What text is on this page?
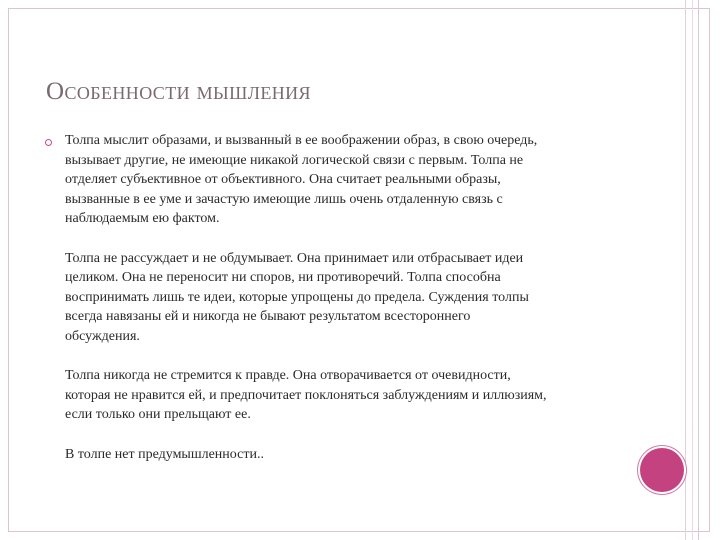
Особенности мышления

Толпа мыслит образами, и вызванный в ее воображении образ, в свою очередь,
вызывает другие, не имеющие никакой логической связи с первым. Толпа не
отделяет субъективное от объективного. Она считает реальными образы,
вызванные в ее уме и зачастую имеющие лишь очень отдаленную связь с
наблюдаемым ею фактом.

Толпа не рассуждает и не обдумывает. Она принимает или отбрасывает идеи
целиком. Она не переносит ни споров, ни противоречий. Толпа способна
воспринимать лишь те идеи, которые упрощены до предела. Суждения толпы
всегда навязаны ей и никогда не бывают результатом всестороннего
обсуждения.

Толпа никогда не стремится к правде. Она отворачивается от очевидности,
которая не нравится ей, и предпочитает поклоняться заблуждениям и иллюзиям,
если только они прельщают ее.

В толпе нет предумышленности..
